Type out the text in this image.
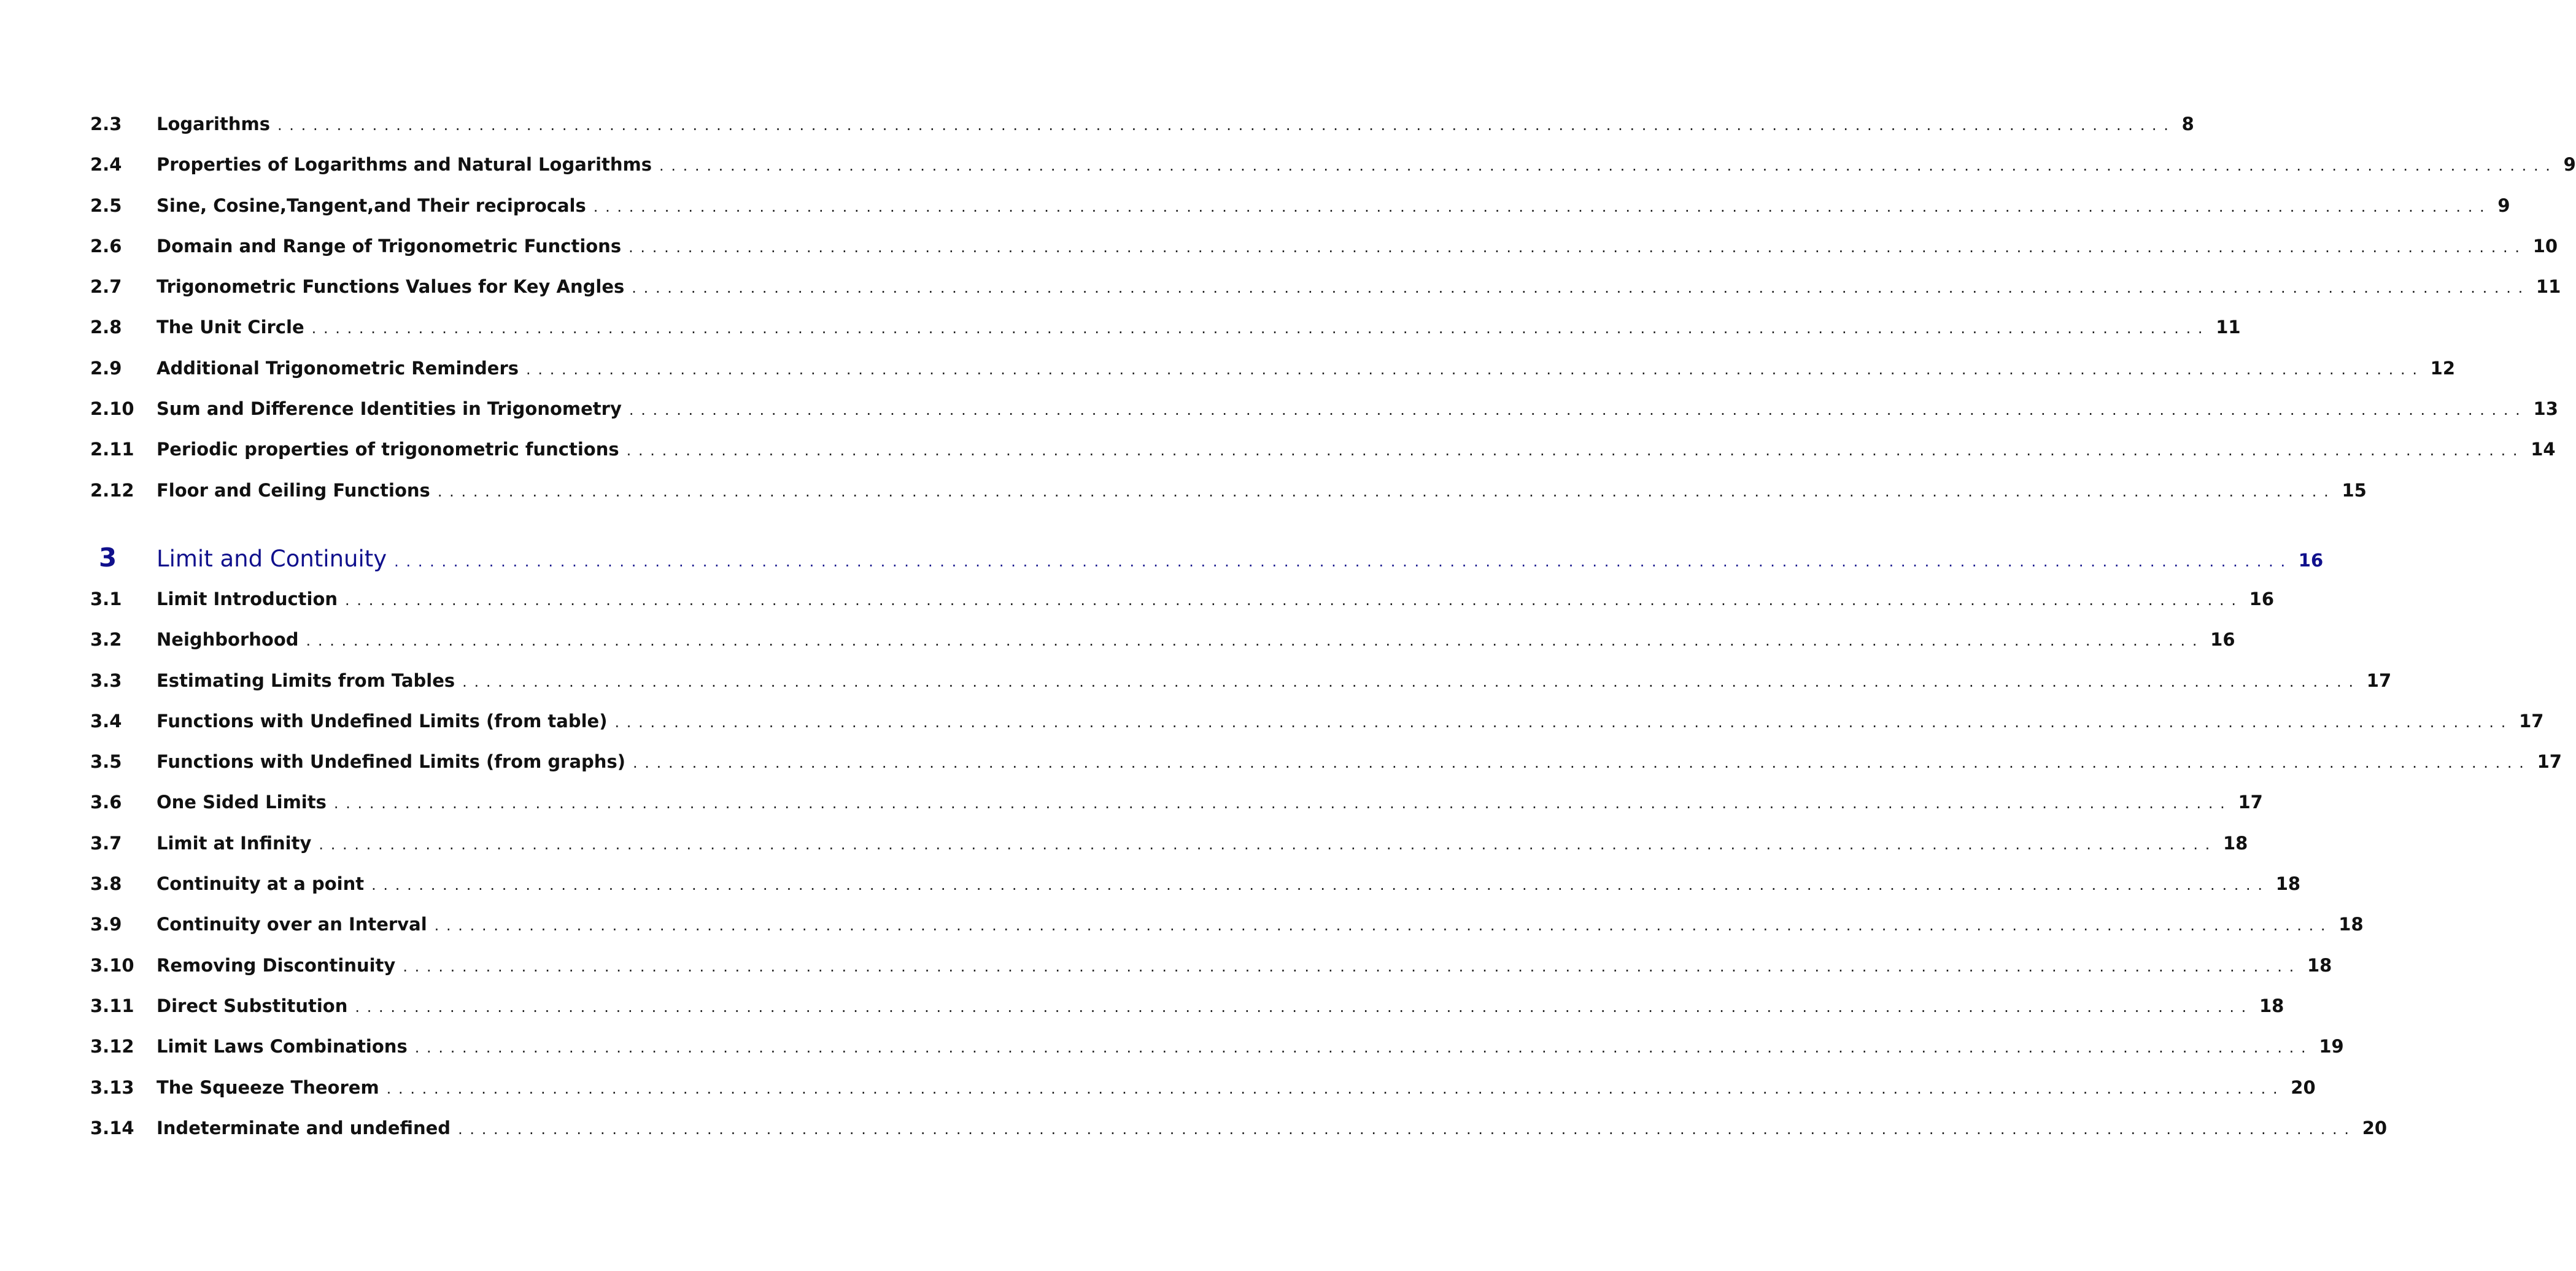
2.3	Logarithms ................................................................................................................................................................ 8
2.4	Properties of Logarithms and Natural Logarithms ................................................................................................................................................................ 9
2.5	Sine, Cosine,Tangent,and Their reciprocals ................................................................................................................................................................ 9
2.6	Domain and Range of Trigonometric Functions ................................................................................................................................................................ 10
2.7	Trigonometric Functions Values for Key Angles ................................................................................................................................................................ 11
2.8	The Unit Circle ................................................................................................................................................................ 11
2.9	Additional Trigonometric Reminders ................................................................................................................................................................ 12
2.10	Sum and Difference Identities in Trigonometry ................................................................................................................................................................ 13
2.11	Periodic properties of trigonometric functions ................................................................................................................................................................ 14
2.12	Floor and Ceiling Functions ................................................................................................................................................................ 15
3	Limit and Continuity ................................................................................................................................................................ 16
3.1	Limit Introduction ................................................................................................................................................................ 16
3.2	Neighborhood ................................................................................................................................................................ 16
3.3	Estimating Limits from Tables ................................................................................................................................................................ 17
3.4	Functions with Undefined Limits (from table) ................................................................................................................................................................ 17
3.5	Functions with Undefined Limits (from graphs) ................................................................................................................................................................ 17
3.6	One Sided Limits ................................................................................................................................................................ 17
3.7	Limit at Infinity ................................................................................................................................................................ 18
3.8	Continuity at a point ................................................................................................................................................................ 18
3.9	Continuity over an Interval ................................................................................................................................................................ 18
3.10	Removing Discontinuity ................................................................................................................................................................ 18
3.11	Direct Substitution ................................................................................................................................................................ 18
3.12	Limit Laws Combinations ................................................................................................................................................................ 19
3.13	The Squeeze Theorem ................................................................................................................................................................ 20
3.14	Indeterminate and undefined ................................................................................................................................................................ 20
